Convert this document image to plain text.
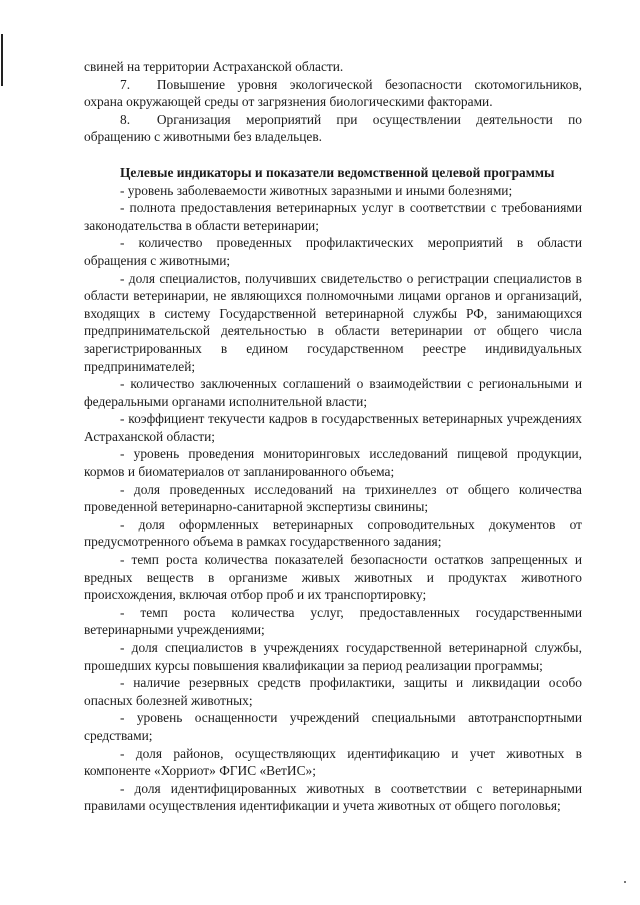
свиней на территории Астраханской области.

7.  Повышение уровня экологической безопасности скотомогильников, охрана окружающей среды от загрязнения биологическими факторами.

8.  Организация мероприятий при осуществлении деятельности по обращению с животными без владельцев.

Целевые индикаторы и показатели ведомственной целевой программы

- уровень заболеваемости животных заразными и иными болезнями;

- полнота предоставления ветеринарных услуг в соответствии с требованиями законодательства в области ветеринарии;

- количество проведенных профилактических мероприятий в области обращения с животными;

- доля специалистов, получивших свидетельство о регистрации специалистов в области ветеринарии, не являющихся полномочными лицами органов и организаций, входящих в систему Государственной ветеринарной службы РФ, занимающихся предпринимательской деятельностью в области ветеринарии от общего числа зарегистрированных в едином государственном реестре индивидуальных предпринимателей;

- количество заключенных соглашений о взаимодействии с региональными и федеральными органами исполнительной власти;

- коэффициент текучести кадров в государственных ветеринарных учреждениях Астраханской области;

- уровень проведения мониторинговых исследований пищевой продукции, кормов и биоматериалов от запланированного объема;

- доля проведенных исследований на трихинеллез от общего количества проведенной ветеринарно-санитарной экспертизы свинины;

- доля оформленных ветеринарных сопроводительных документов от предусмотренного объема в рамках государственного задания;

- темп роста количества показателей безопасности остатков запрещенных и вредных веществ в организме живых животных и продуктах животного происхождения, включая отбор проб и их транспортировку;

- темп роста количества услуг, предоставленных государственными ветеринарными учреждениями;

- доля специалистов в учреждениях государственной ветеринарной службы, прошедших курсы повышения квалификации за период реализации программы;

- наличие резервных средств профилактики, защиты и ликвидации особо опасных болезней животных;

- уровень оснащенности учреждений специальными автотранспортными средствами;

- доля районов, осуществляющих идентификацию и учет животных в компоненте «Хорриот» ФГИС «ВетИС»;

- доля идентифицированных животных в соответствии с ветеринарными правилами осуществления идентификации и учета животных от общего поголовья;
